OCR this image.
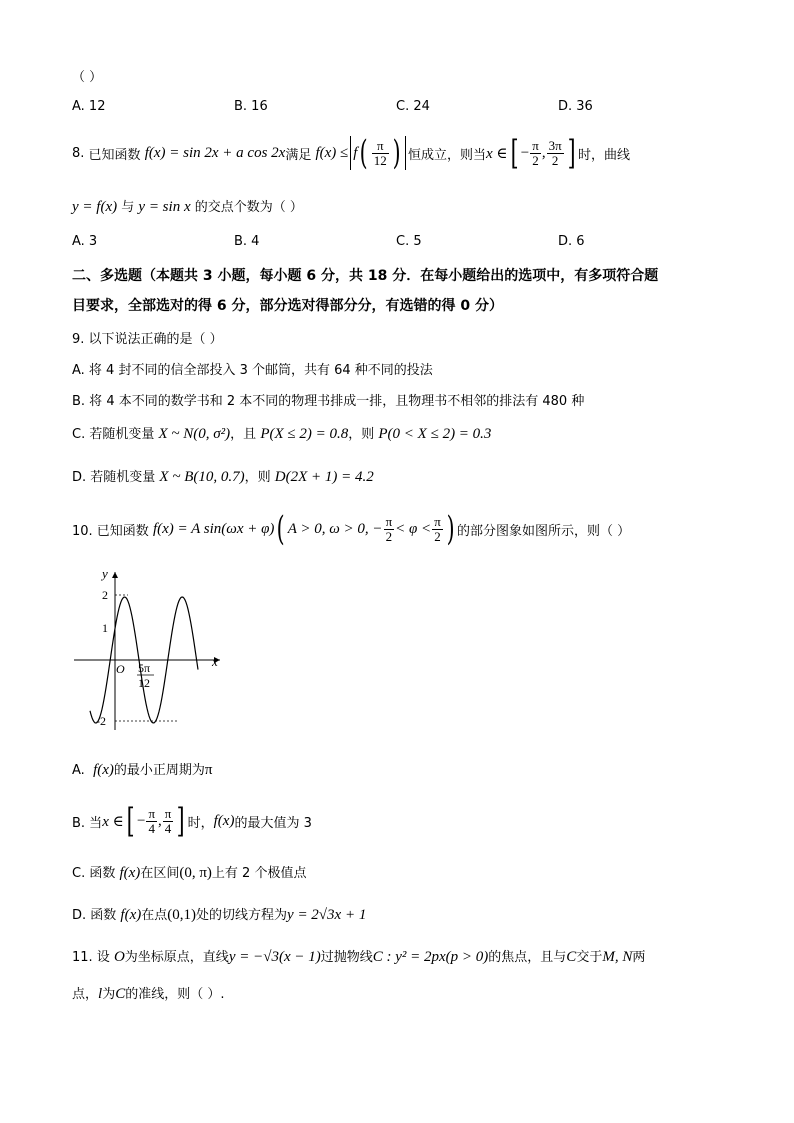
（ ）
A. 12	B. 16	C. 24	D. 36
8.
已知函数
f(x) = sin 2x + a cos 2x 满足
f(x) ≤ f ( $\frac{\pi}{12}$ ) 恒成立，则当 x ∈ [ − $\frac{\pi}{2}$ , $\frac{3\pi}{2}$ ] 时，曲线
y = f(x) 与 y = sin x 的交点个数为（ ）
A. 3	B. 4	C. 5	D. 6
二、多选题（本题共 3 小题，每小题 6 分，共 18 分．在每小题给出的选项中，有多项符合题
目要求，全部选对的得 6 分，部分选对得部分分，有选错的得 0 分）
9. 以下说法正确的是（ ）
A. 将 4 封不同的信全部投入 3 个邮筒，共有 64 种不同的投法
B. 将 4 本不同的数学书和 2 本不同的物理书排成一排，且物理书不相邻的排法有 480 种
C. 若随机变量 X ~ N(0, σ²)，且 P(X ≤ 2) = 0.8，则 P(0 < X ≤ 2) = 0.3
D. 若随机变量 X ~ B(10, 0.7)，则 D(2X + 1) = 4.2
10. 已知函数
f(x) = A sin(ωx + φ) ( A > 0, ω > 0, − $\frac{\pi}{2} < \varphi < \frac{\pi}{2}$ ) 的部分图象如图所示，则（ ）
y
x
O
2
1
-2
5π
12
A. f(x)的最小正周期为π
B. 当 x ∈ [ − $\frac{\pi}{4}$ , $\frac{\pi}{4}$ ] 时， f(x) 的最大值为 3
C. 函数 f(x)在区间(0, π)上有 2 个极值点
D. 函数 f(x)在点(0,1)处的切线方程为y = 2√3x + 1
11. 设 O为坐标原点，直线y = −√3(x − 1)过抛物线C : y² = 2px(p > 0)的焦点，且与C交于M, N两
点，l为C的准线，则（ ）.
